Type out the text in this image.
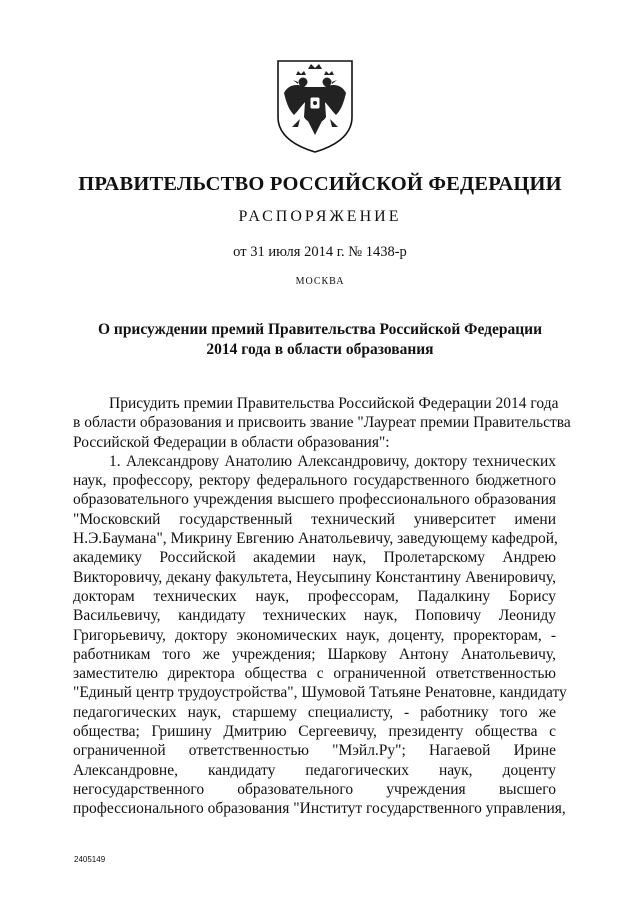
ПРАВИТЕЛЬСТВО РОССИЙСКОЙ ФЕДЕРАЦИИ
РАСПОРЯЖЕНИЕ
от 31 июля 2014 г. № 1438-р
МОСКВА
О присуждении премий Правительства Российской Федерации
2014 года в области образования
Присудить премии Правительства Российской Федерации 2014 года
в области образования и присвоить звание "Лауреат премии Правительства
Российской Федерации в области образования":
1. Александрову Анатолию Александровичу, доктору технических
наук, профессору, ректору федерального государственного бюджетного
образовательного учреждения высшего профессионального образования
"Московский государственный технический университет имени
Н.Э.Баумана", Микрину Евгению Анатольевичу, заведующему кафедрой,
академику Российской академии наук, Пролетарскому Андрею
Викторовичу, декану факультета, Неусыпину Константину Авенировичу,
докторам технических наук, профессорам, Падалкину Борису
Васильевичу, кандидату технических наук, Поповичу Леониду
Григорьевичу, доктору экономических наук, доценту, проректорам, -
работникам того же учреждения; Шаркову Антону Анатольевичу,
заместителю директора общества с ограниченной ответственностью
"Единый центр трудоустройства", Шумовой Татьяне Ренатовне, кандидату
педагогических наук, старшему специалисту, - работнику того же
общества; Гришину Дмитрию Сергеевичу, президенту общества с
ограниченной ответственностью "Мэйл.Ру"; Нагаевой Ирине
Александровне, кандидату педагогических наук, доценту
негосударственного образовательного учреждения высшего
профессионального образования "Институт государственного управления,
2405149
